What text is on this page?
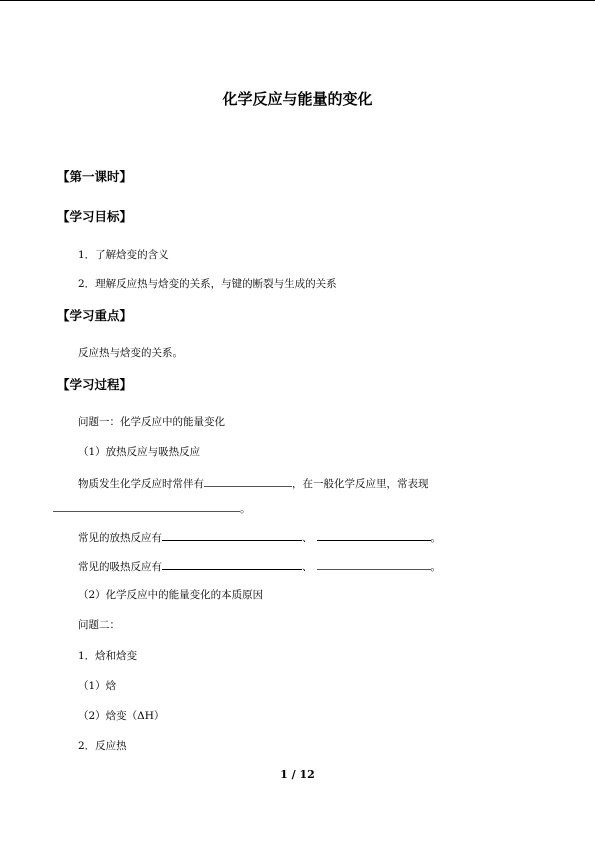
化学反应与能量的变化
【第一课时】
【学习目标】
1．了解焓变的含义
2．理解反应热与焓变的关系，与键的断裂与生成的关系
【学习重点】
反应热与焓变的关系。
【学习过程】
问题一：化学反应中的能量变化
（1）放热反应与吸热反应
物质发生化学反应时常伴有	，在一般化学反应里，常表现
。
常见的放热反应有	、	。
常见的吸热反应有	、	。
（2）化学反应中的能量变化的本质原因
问题二：
1．焓和焓变
（1）焓
（2）焓变（ΔH）
2．反应热
1 / 12
